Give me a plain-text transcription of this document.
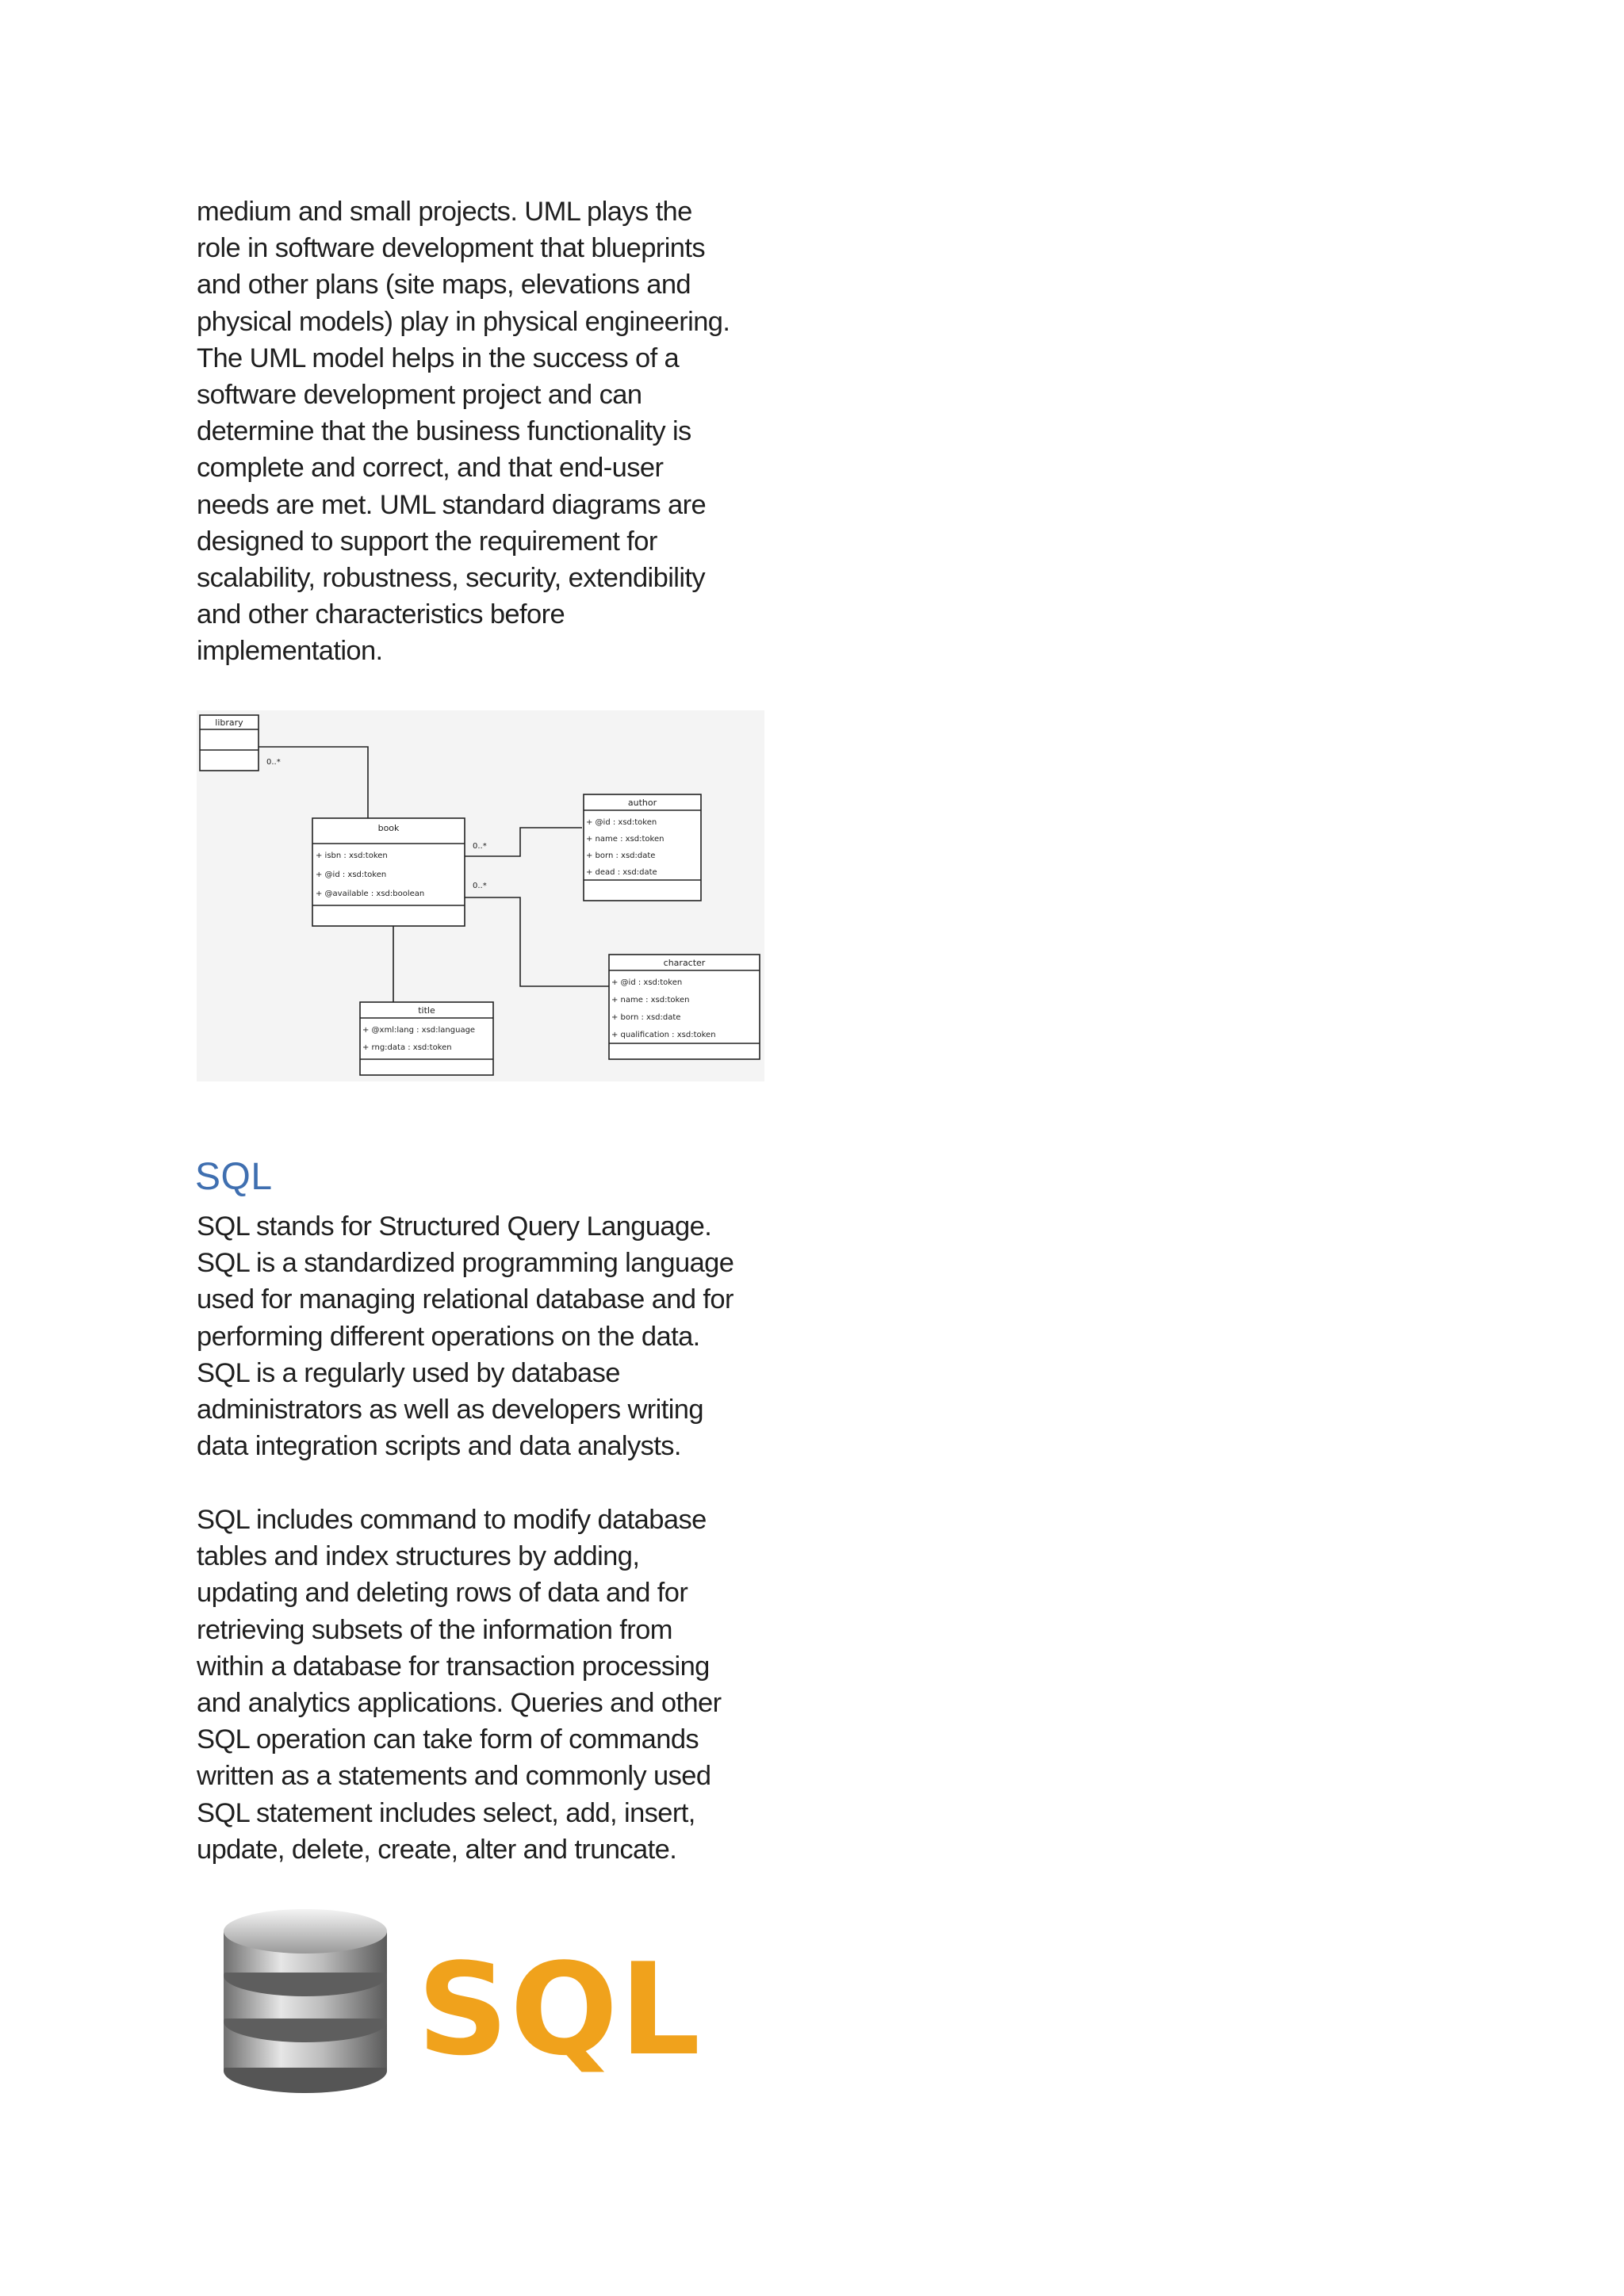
medium and small projects. UML plays the

role in software development that blueprints

and other plans (site maps, elevations and

physical models) play in physical engineering.

The UML model helps in the success of a

software development project and can

determine that the business functionality is

complete and correct, and that end-user

needs are met. UML standard diagrams are

designed to support the requirement for

scalability, robustness, security, extendibility

and other characteristics before

implementation.

library
0..*
book
+ isbn : xsd:token
+ @id : xsd:token
+ @available : xsd:boolean
0..*
0..*
author
+ @id : xsd:token
+ name : xsd:token
+ born : xsd:date
+ dead : xsd:date
character
+ @id : xsd:token
+ name : xsd:token
+ born : xsd:date
+ qualification : xsd:token
title
+ @xml:lang : xsd:language
+ rng:data : xsd:token
SQL

SQL stands for Structured Query Language.

SQL is a standardized programming language

used for managing relational database and for

performing different operations on the data.

SQL is a regularly used by database

administrators as well as developers writing

data integration scripts and data analysts.

SQL includes command to modify database

tables and index structures by adding,

updating and deleting rows of data and for

retrieving subsets of the information from

within a database for transaction processing

and analytics applications. Queries and other

SQL operation can take form of commands

written as a statements and commonly used

SQL statement includes select, add, insert,

update, delete, create, alter and truncate.

SQL
